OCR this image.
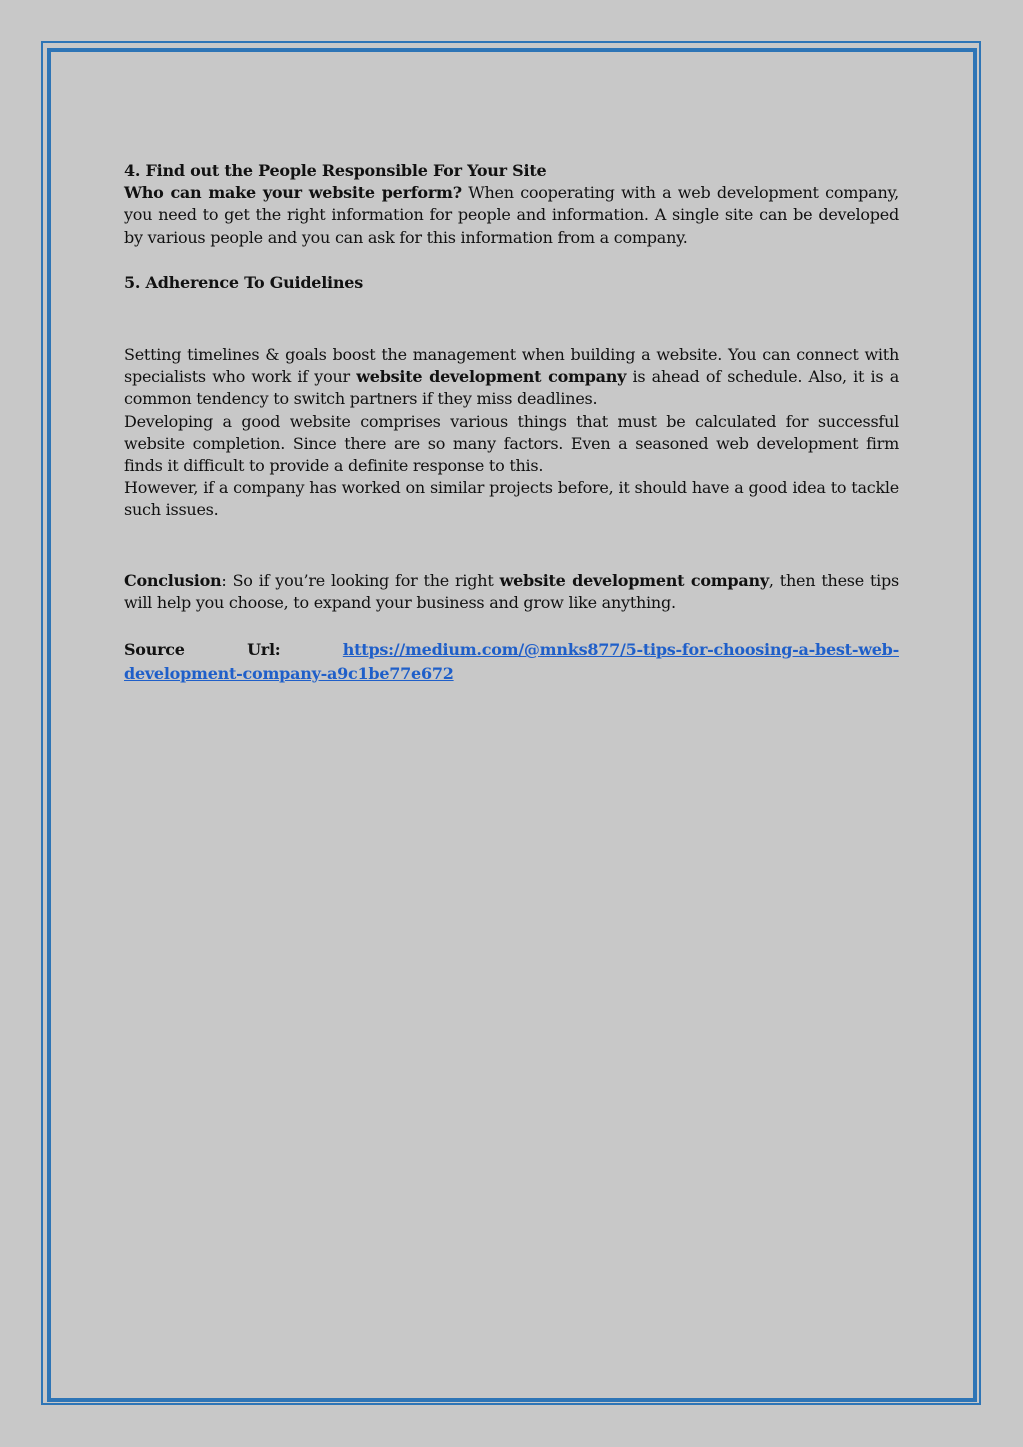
4. Find out the People Responsible For Your Site

Who can make your website perform? When cooperating with a web development company, you need to get the right information for people and information. A single site can be developed by various people and you can ask for this information from a company.

5. Adherence To Guidelines

Setting timelines & goals boost the management when building a website. You can connect with specialists who work if your website development company is ahead of schedule. Also, it is a common tendency to switch partners if they miss deadlines.

Developing a good website comprises various things that must be calculated for successful website completion. Since there are so many factors. Even a seasoned web development firm finds it difficult to provide a definite response to this.

However, if a company has worked on similar projects before, it should have a good idea to tackle such issues.

Conclusion: So if you’re looking for the right website development company, then these tips will help you choose, to expand your business and grow like anything.

Source	Url:	https://medium.com/@mnks877/5-tips-for-choosing-a-best-web-
development-company-a9c1be77e672
